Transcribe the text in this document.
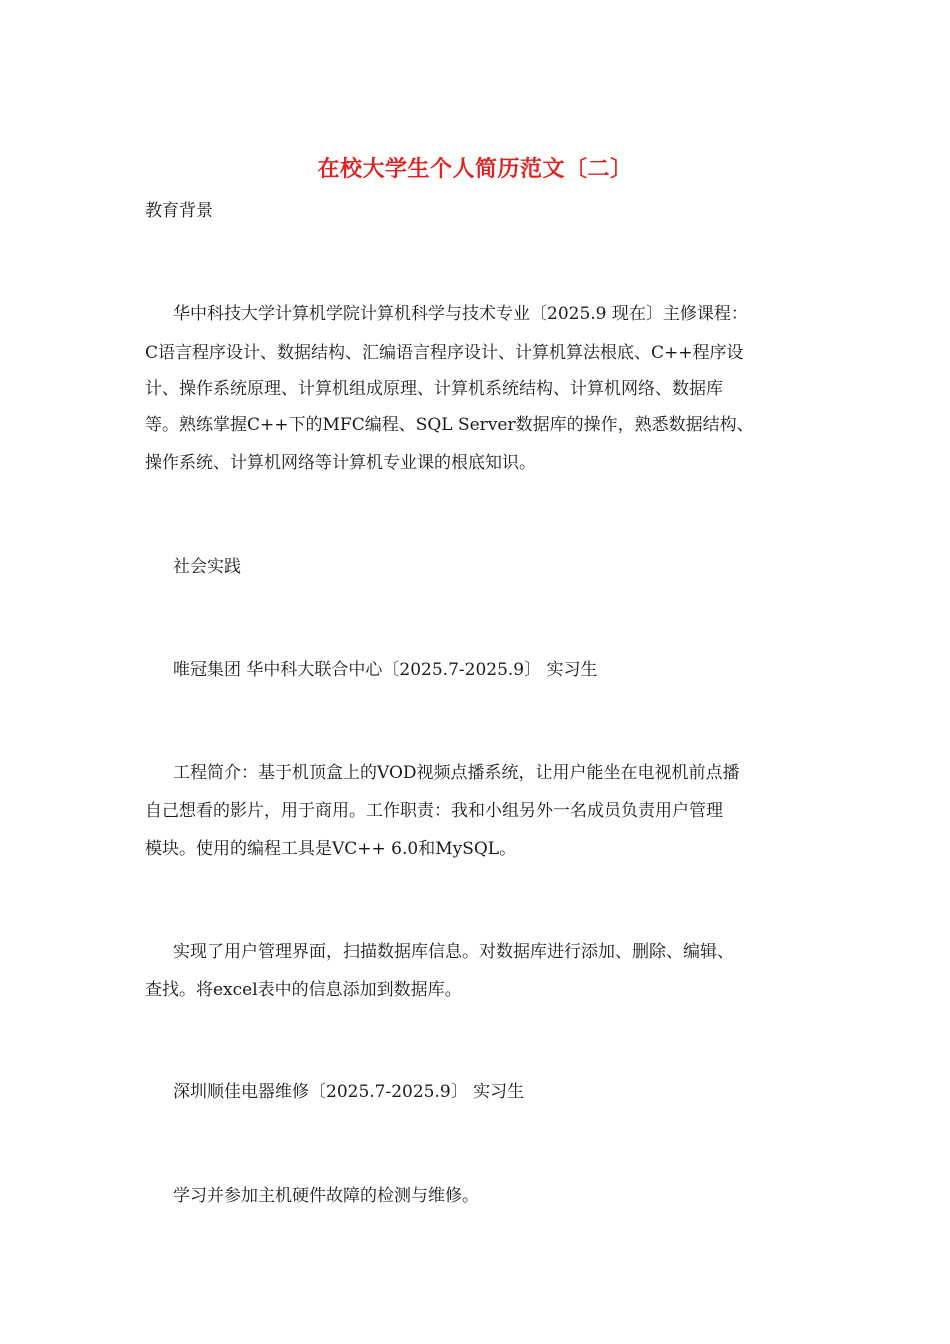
在校大学生个人简历范文〔二〕
教育背景
华中科技大学计算机学院计算机科学与技术专业〔2025.9 现在〕主修课程：
C语言程序设计、数据结构、汇编语言程序设计、计算机算法根底、C++程序设
计、操作系统原理、计算机组成原理、计算机系统结构、计算机网络、数据库
等。熟练掌握C++下的MFC编程、SQL Server数据库的操作，熟悉数据结构、
操作系统、计算机网络等计算机专业课的根底知识。
社会实践
唯冠集团 华中科大联合中心〔2025.7-2025.9〕 实习生
工程简介：基于机顶盒上的VOD视频点播系统，让用户能坐在电视机前点播
自己想看的影片，用于商用。工作职责：我和小组另外一名成员负责用户管理
模块。使用的编程工具是VC++ 6.0和MySQL。
实现了用户管理界面，扫描数据库信息。对数据库进行添加、删除、编辑、
查找。将excel表中的信息添加到数据库。
深圳顺佳电器维修〔2025.7-2025.9〕 实习生
学习并参加主机硬件故障的检测与维修。
